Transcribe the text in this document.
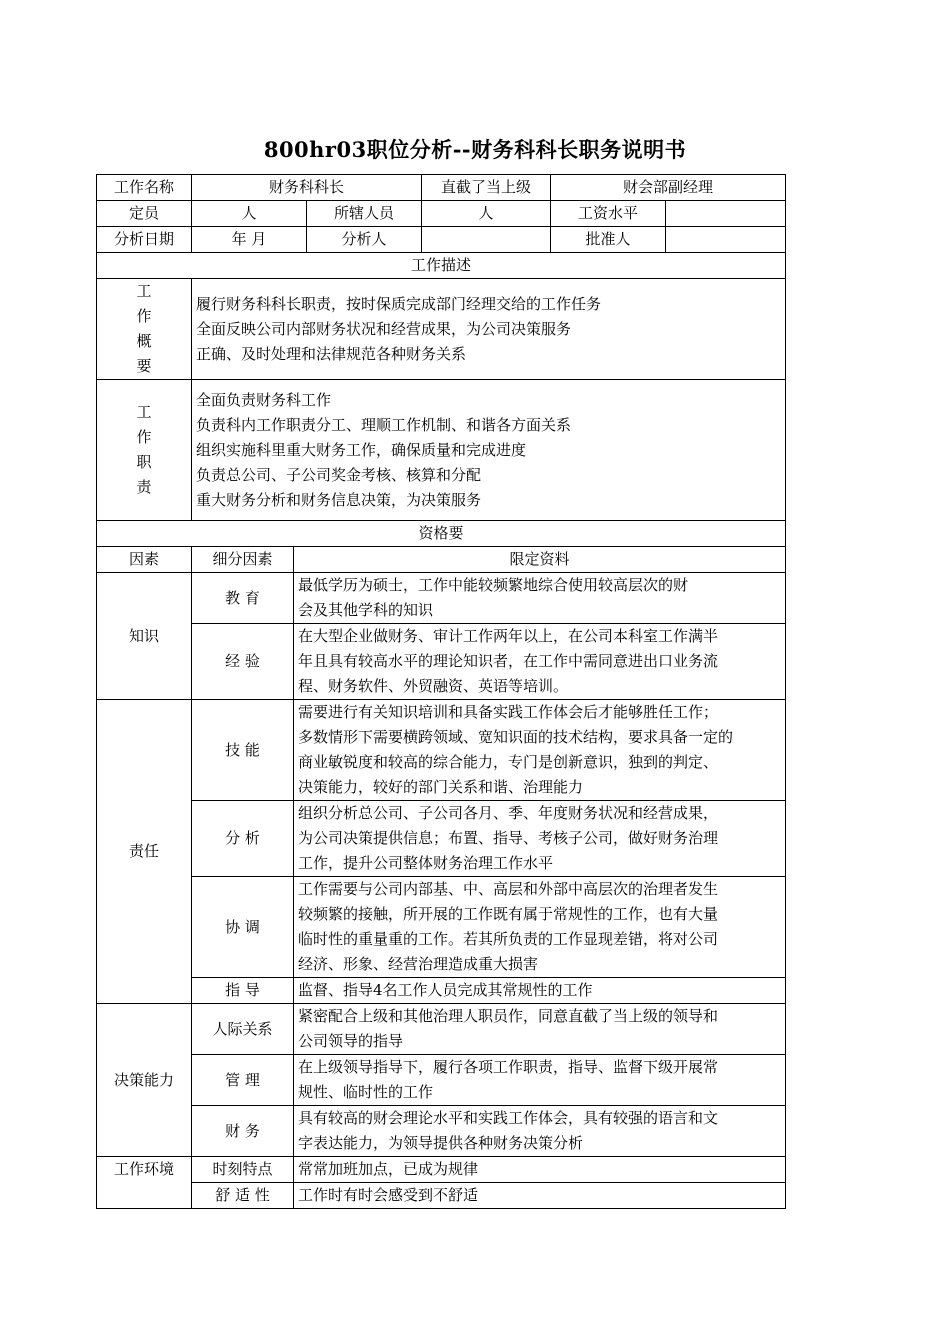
800hr03职位分析--财务科科长职务说明书
工作名称	财务科科长			直截了当上级	财会部副经理	
定员	人		所辖人员	人	工资水平	
分析日期	年 月		分析人		批准人	
工作描述						

工
作
概
要	履行财务科科长职责，按时保质完成部门经理交给的工作任务
全面反映公司内部财务状况和经营成果，为公司决策服务
正确、及时处理和法律规范各种财务关系					

工
作
职
责	全面负责财务科工作
负责科内工作职责分工、理顺工作机制、和谐各方面关系
组织实施科里重大财务工作，确保质量和完成进度
负责总公司、子公司奖金考核、核算和分配
重大财务分析和财务信息决策，为决策服务					

资格要						
因素	细分因素	限定资料				
知识	教 育	最低学历为硕士，工作中能较频繁地综合使用较高层次的财
会及其他学科的知识				

	经 验	在大型企业做财务、审计工作两年以上，在公司本科室工作满半
年且具有较高水平的理论知识者，在工作中需同意进出口业务流
程、财务软件、外贸融资、英语等培训。				

责任	技 能	需要进行有关知识培训和具备实践工作体会后才能够胜任工作；
多数情形下需要横跨领域、宽知识面的技术结构，要求具备一定的
商业敏锐度和较高的综合能力，专门是创新意识，独到的判定、
决策能力，较好的部门关系和谐、治理能力				

	分 析	组织分析总公司、子公司各月、季、年度财务状况和经营成果，
为公司决策提供信息；布置、指导、考核子公司，做好财务治理
工作，提升公司整体财务治理工作水平				

	协 调	工作需要与公司内部基、中、高层和外部中高层次的治理者发生
较频繁的接触，所开展的工作既有属于常规性的工作，也有大量
临时性的重量重的工作。若其所负责的工作显现差错，将对公司
经济、形象、经营治理造成重大损害				

	指 导	监督、指导4名工作人员完成其常规性的工作				

决策能力	人际关系	紧密配合上级和其他治理人职员作，同意直截了当上级的领导和
公司领导的指导				

	管 理	在上级领导指导下，履行各项工作职责，指导、监督下级开展常
规性、临时性的工作				

	财 务	具有较高的财会理论水平和实践工作体会，具有较强的语言和文
字表达能力，为领导提供各种财务决策分析				

工作环境	时刻特点	常常加班加点，已成为规律				

	舒 适 性	工作时有时会感受到不舒适				
